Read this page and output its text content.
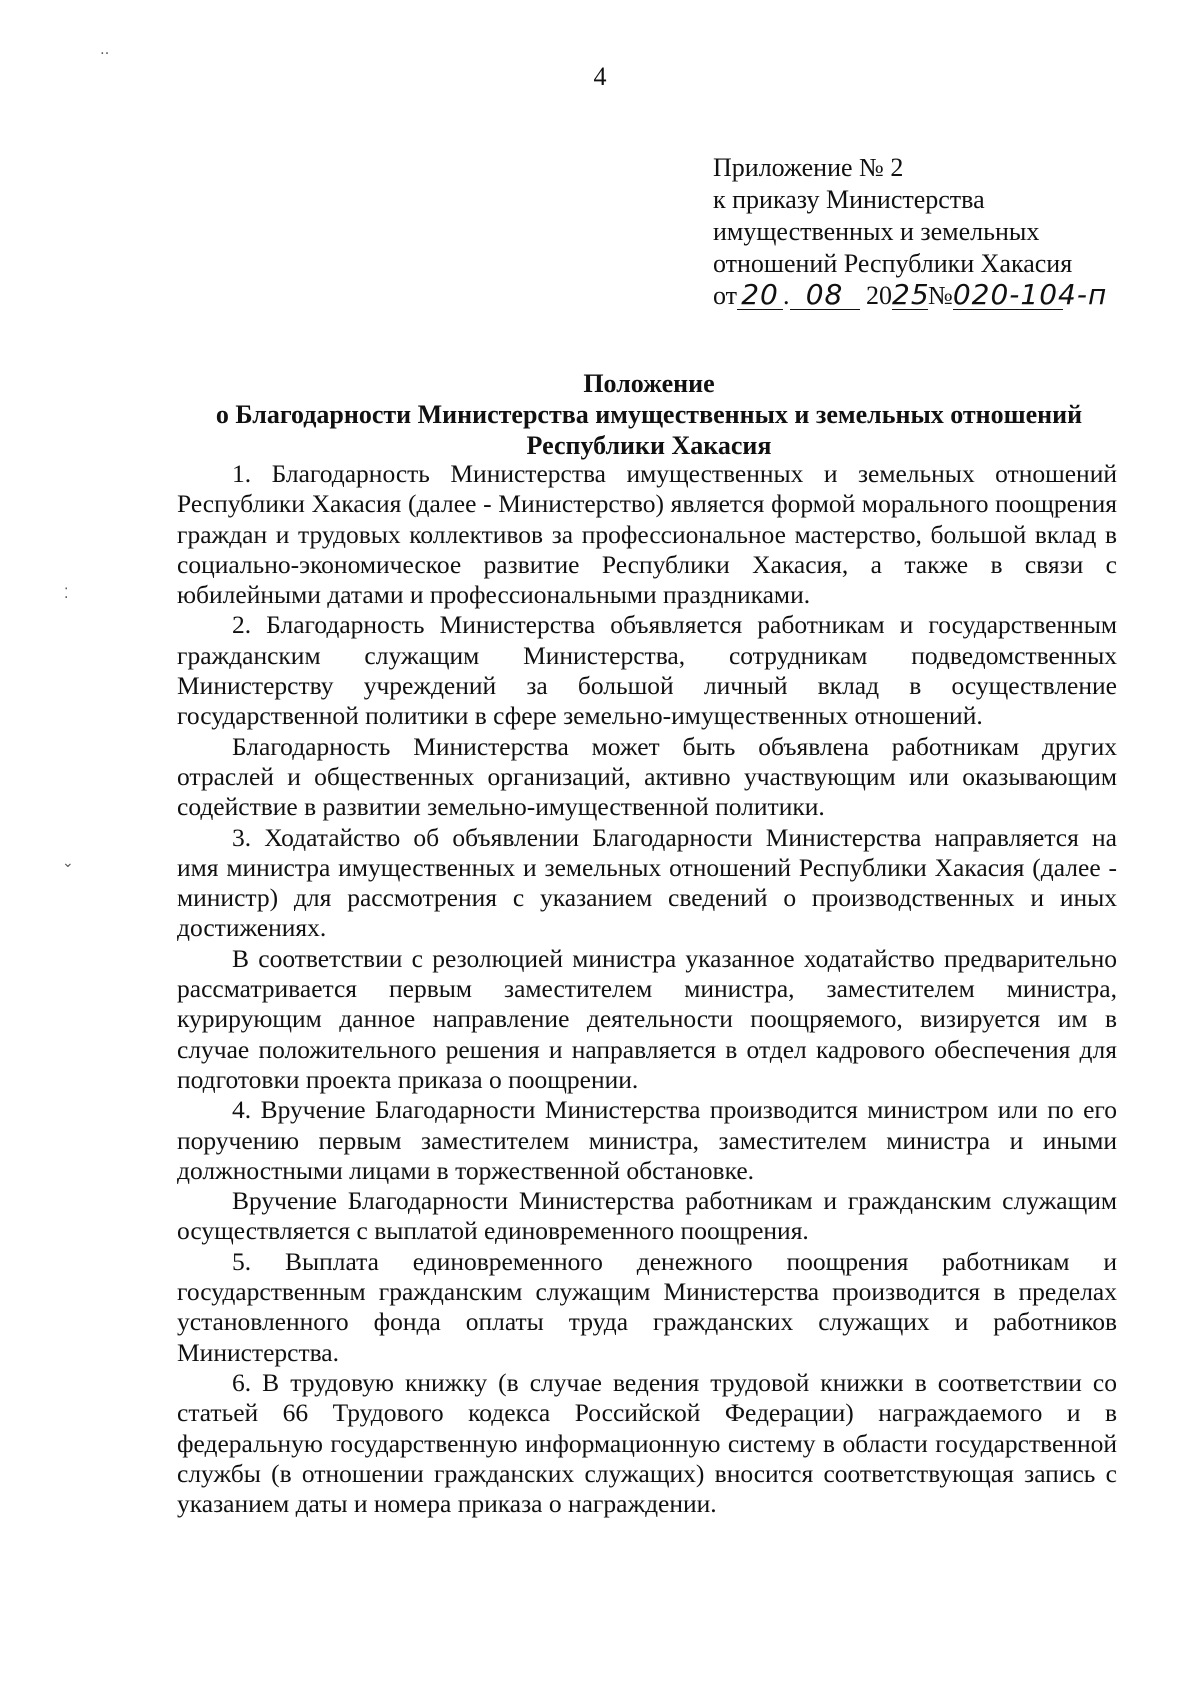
4
Приложение № 2
к приказу Министерства
имущественных и земельных
отношений Республики Хакасия
от 20 . 08 2025№020-104-п
Положение
о Благодарности Министерства имущественных и земельных отношений
Республики Хакасия

1. Благодарность Министерства имущественных и земельных отношений Республики Хакасия (далее - Министерство) является формой морального поощрения граждан и трудовых коллективов за профессиональное мастерство, большой вклад в социально-экономическое развитие Республики Хакасия, а также в связи с юбилейными датами и профессиональными праздниками.

2. Благодарность Министерства объявляется работникам и государственным гражданским служащим Министерства, сотрудникам подведомственных Министерству учреждений за большой личный вклад в осуществление государственной политики в сфере земельно-имущественных отношений.

Благодарность Министерства может быть объявлена работникам других отраслей и общественных организаций, активно участвующим или оказывающим содействие в развитии земельно-имущественной политики.

3. Ходатайство об объявлении Благодарности Министерства направляется на имя министра имущественных и земельных отношений Республики Хакасия (далее - министр) для рассмотрения с указанием сведений о производственных и иных достижениях.

В соответствии с резолюцией министра указанное ходатайство предварительно рассматривается первым заместителем министра, заместителем министра, курирующим данное направление деятельности поощряемого, визируется им в случае положительного решения и направляется в отдел кадрового обеспечения для подготовки проекта приказа о поощрении.

4. Вручение Благодарности Министерства производится министром или по его поручению первым заместителем министра, заместителем министра и иными должностными лицами в торжественной обстановке.

Вручение Благодарности Министерства работникам и гражданским служащим осуществляется с выплатой единовременного поощрения.

5. Выплата единовременного денежного поощрения работникам и государственным гражданским служащим Министерства производится в пределах установленного фонда оплаты труда гражданских служащих и работников Министерства.

6. В трудовую книжку (в случае ведения трудовой книжки в соответствии со статьей 66 Трудового кодекса Российской Федерации) награждаемого и в федеральную государственную информационную систему в области государственной службы (в отношении гражданских служащих) вносится соответствующая запись с указанием даты и номера приказа о награждении.

‥
⁚
⌄
